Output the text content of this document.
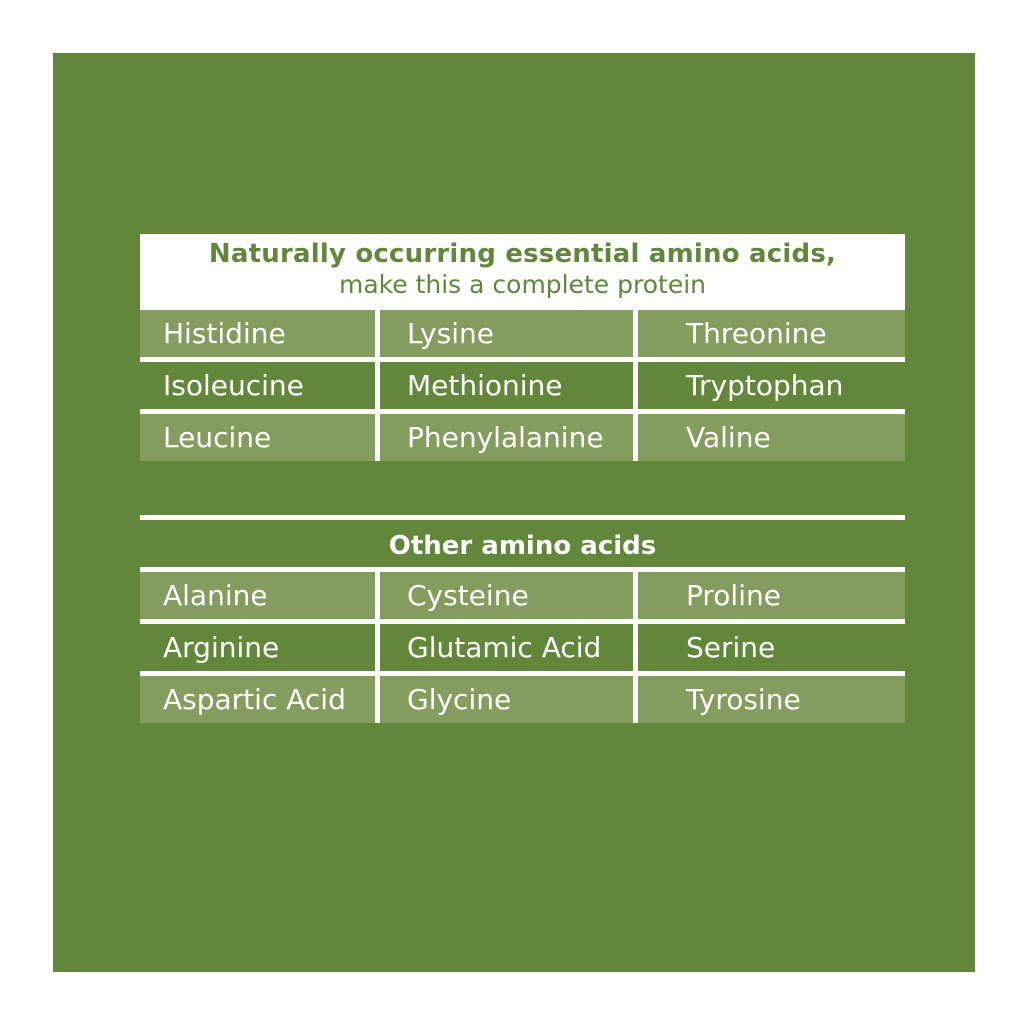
Naturally occurring essential amino acids,
make this a complete protein
Histidine	Lysine	Threonine
Isoleucine	Methionine	Tryptophan
Leucine	Phenylalanine	Valine
Other amino acids
Alanine	Cysteine	Proline
Arginine	Glutamic Acid	Serine
Aspartic Acid	Glycine	Tyrosine
